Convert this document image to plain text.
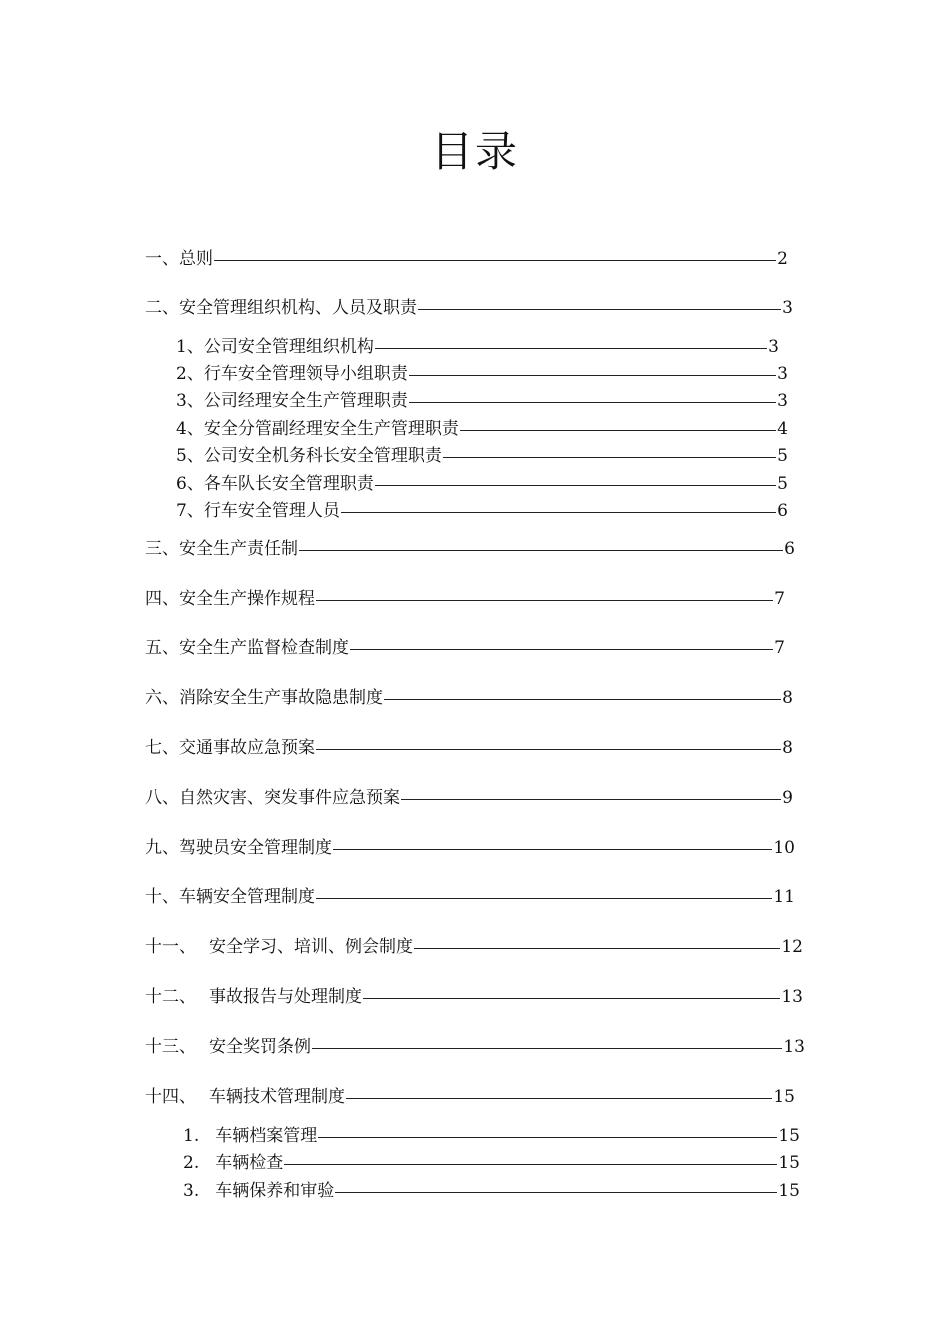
目录
一、 总则	2
二、 安全管理组织机构、人员及职责	3
1、 公司安全管理组织机构	3
2、 行车安全管理领导小组职责	3
3、 公司经理安全生产管理职责	3
4、 安全分管副经理安全生产管理职责	4
5、 公司安全机务科长安全管理职责	5
6、 各车队长安全管理职责	5
7、 行车安全管理人员	6
三、 安全生产责任制	6
四、 安全生产操作规程	7
五、 安全生产监督检查制度	7
六、 消除安全生产事故隐患制度	8
七、 交通事故应急预案	8
八、 自然灾害、突发事件应急预案	9
九、 驾驶员安全管理制度	10
十、 车辆安全管理制度	11
十一、 安全学习、培训、例会制度	12
十二、 事故报告与处理制度	13
十三、 安全奖罚条例	13
十四、 车辆技术管理制度	15
1. 车辆档案管理	15
2. 车辆检查	15
3. 车辆保养和审验	15
